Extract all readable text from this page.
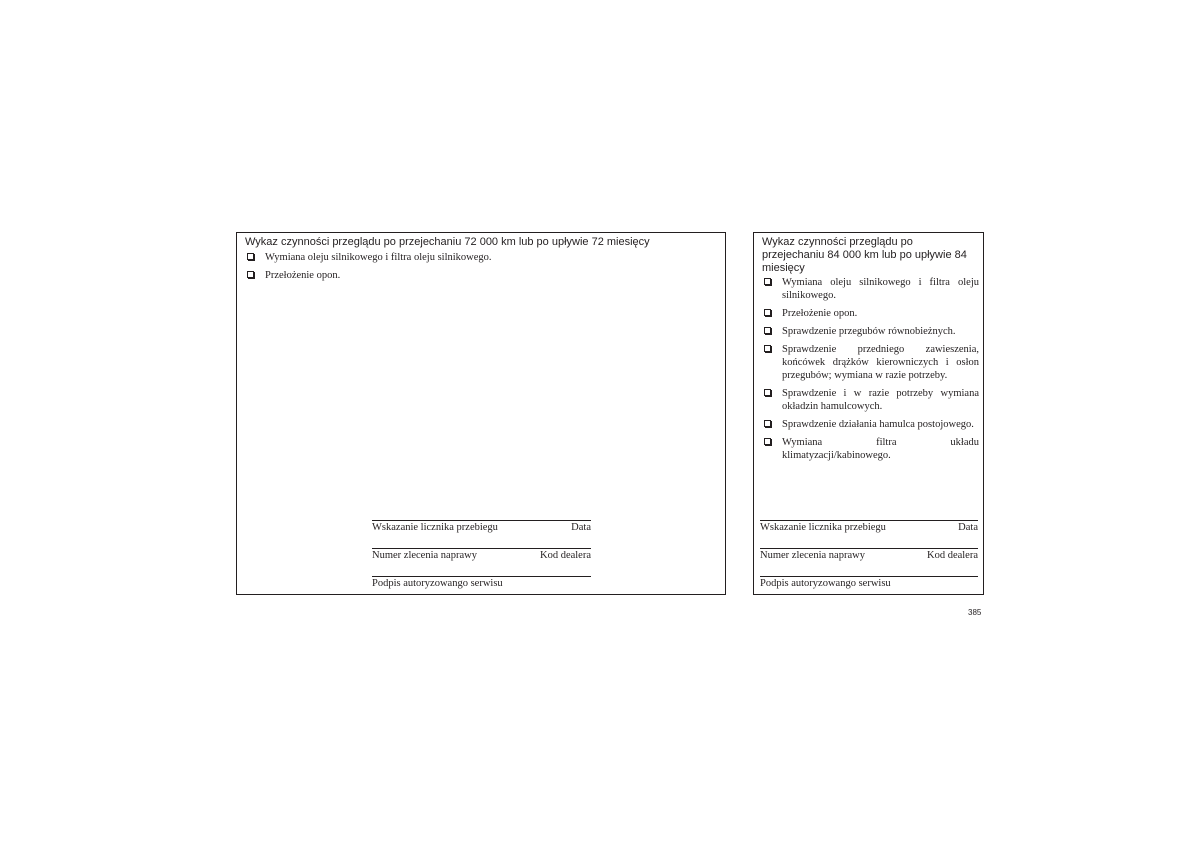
Wykaz czynności przeglądu po przejechaniu 72 000 km lub po upływie 72 miesięcy
Wymiana oleju silnikowego i filtra oleju silnikowego.
Przełożenie opon.
Wskazanie licznika przebiegu	Data
Numer zlecenia naprawy	Kod dealera
Podpis autoryzowango serwisu
Wykaz czynności przeglądu po przejechaniu 84 000 km lub po upływie 84 miesięcy
Wymiana oleju silnikowego i filtra oleju silnikowego.
Przełożenie opon.
Sprawdzenie przegubów równobieżnych.
Sprawdzenie przedniego zawieszenia, końcówek drążków kierowniczych i osłon przegubów; wymiana w razie potrzeby.
Sprawdzenie i w razie potrzeby wymiana okładzin hamulcowych.
Sprawdzenie działania hamulca postojowego.
Wymiana filtra układu klimatyzacji/kabinowego.
Wskazanie licznika przebiegu	Data
Numer zlecenia naprawy	Kod dealera
Podpis autoryzowango serwisu
385
